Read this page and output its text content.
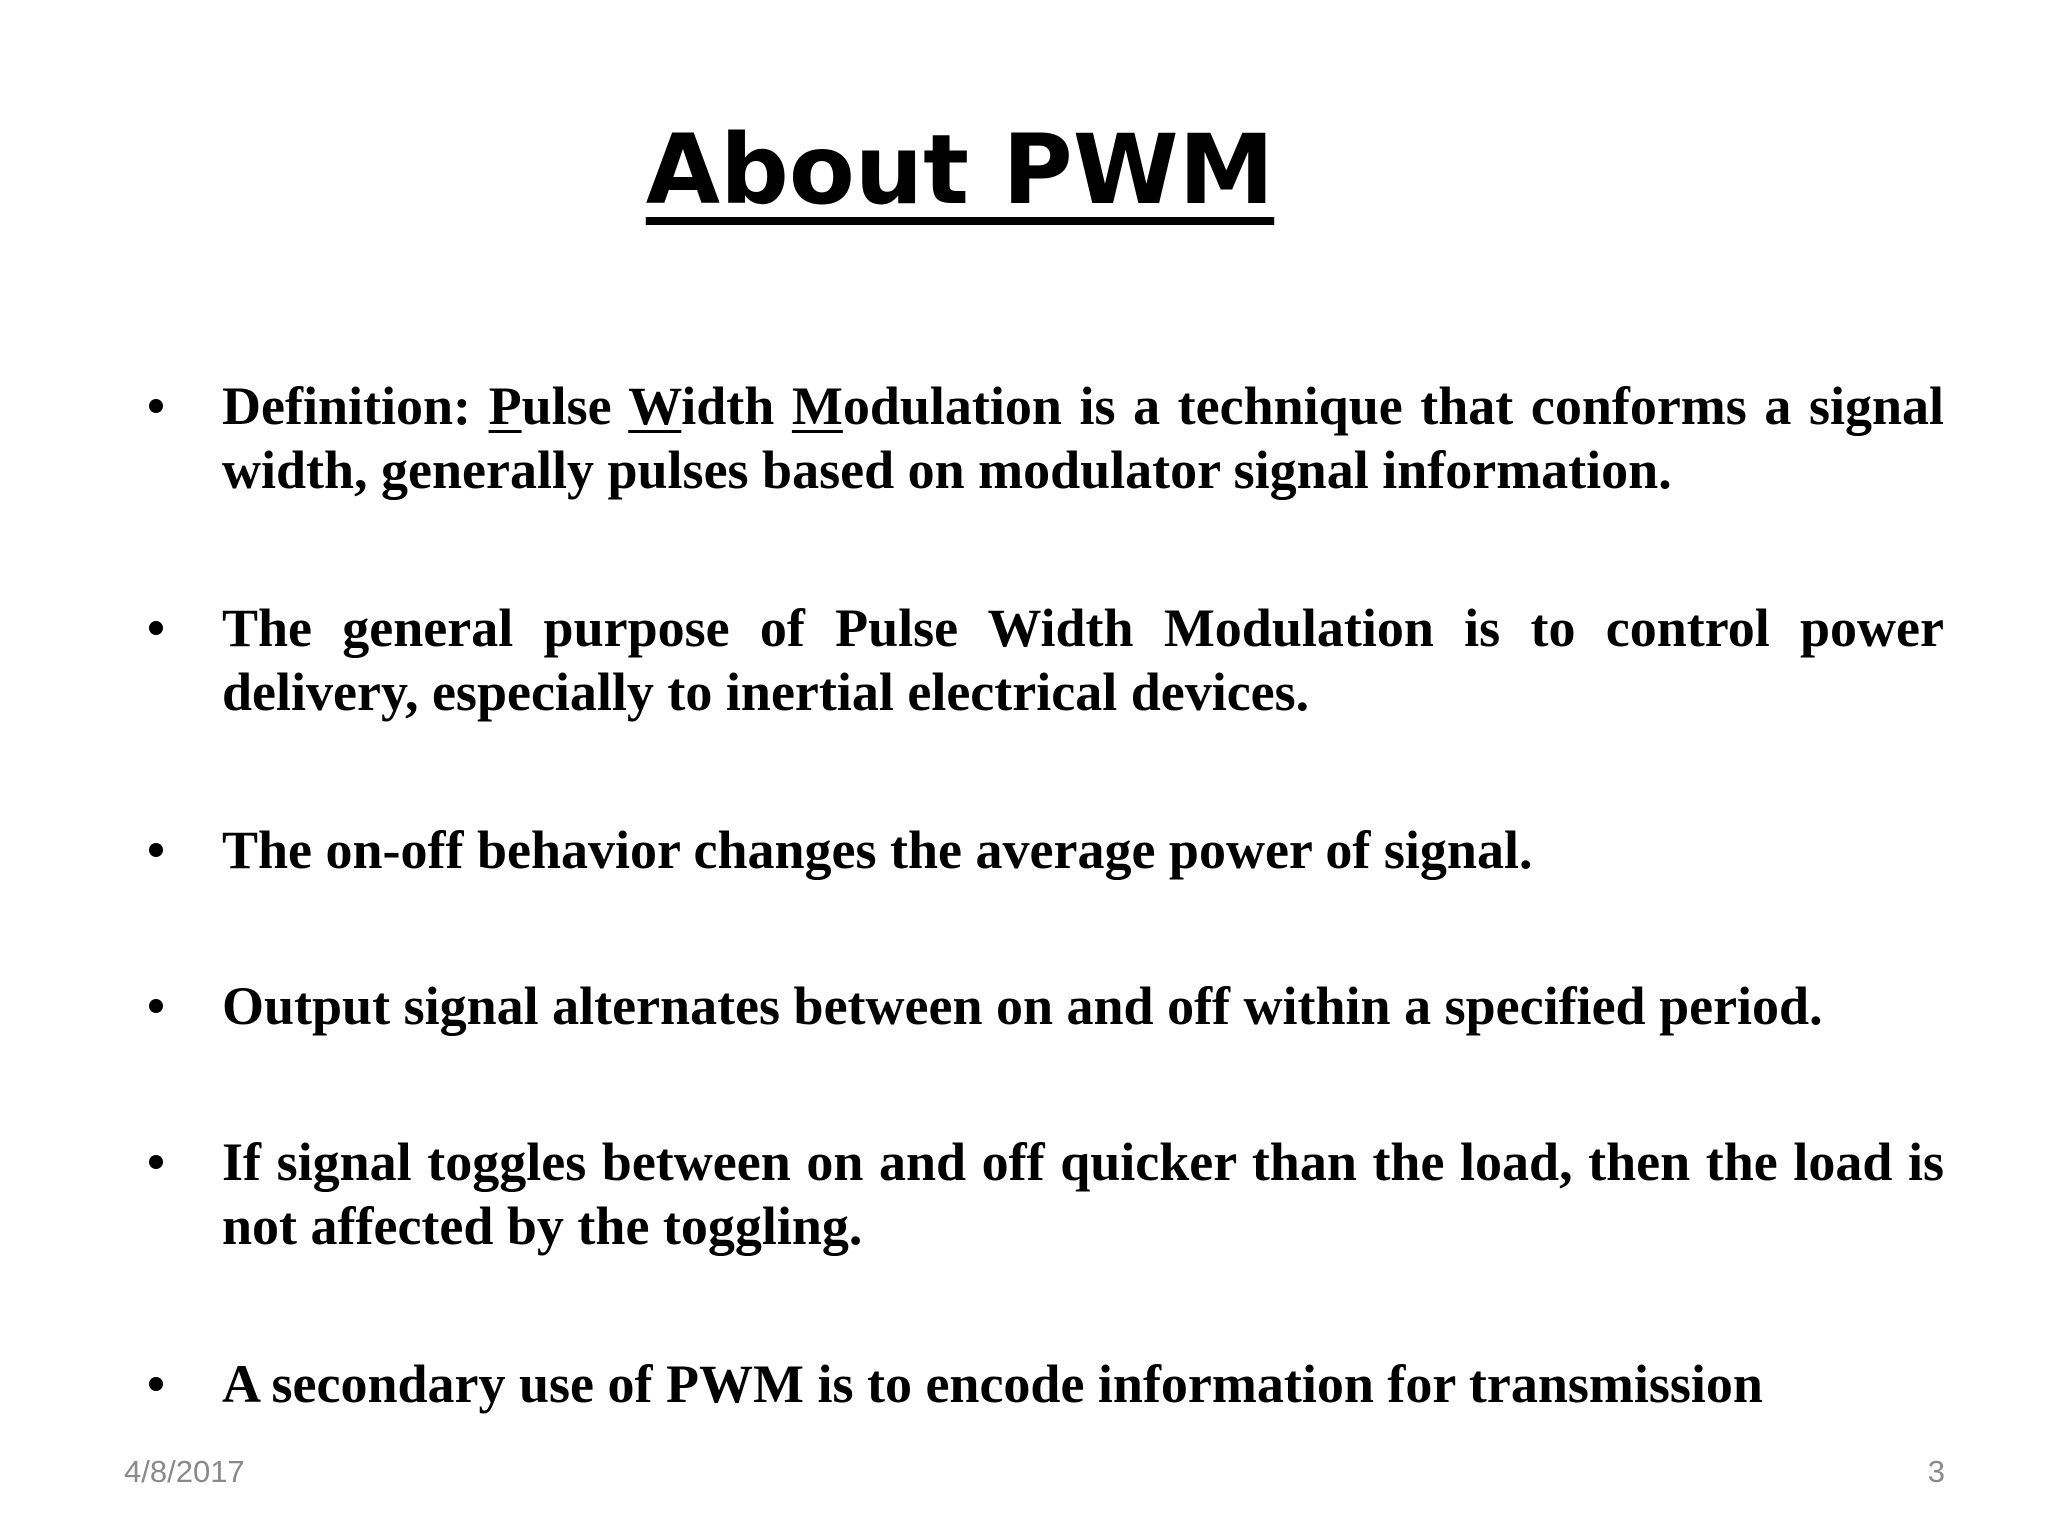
About PWM
Definition: Pulse Width Modulation is a technique that conforms a signal width, generally pulses based on modulator signal information.
The general purpose of Pulse Width Modulation is to control power delivery, especially to inertial electrical devices.
The on-off behavior changes the average power of signal.
Output signal alternates between on and off within a specified period.
If signal toggles between on and off quicker than the load, then the load is not affected by the toggling.
A secondary use of PWM is to encode information for transmission
4/8/2017	3
